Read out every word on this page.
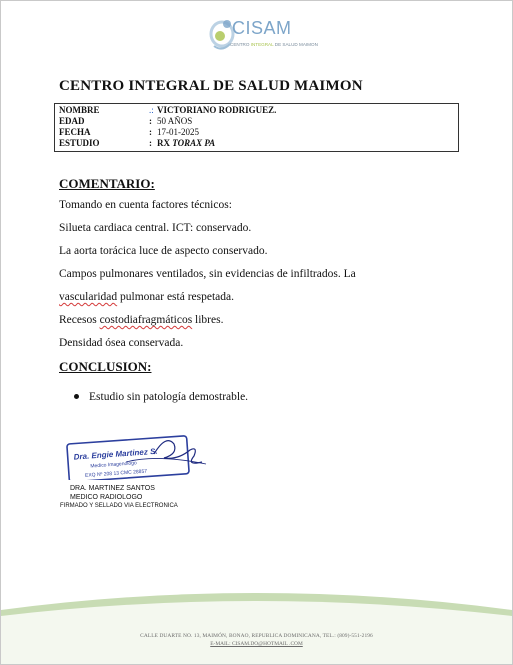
CISAM
CENTRO INTEGRAL DE SALUD MAIMON
CENTRO INTEGRAL DE SALUD MAIMON
NOMBRE	.: VICTORIANO RODRIGUEZ.
EDAD	: 50 AÑOS
FECHA	: 17-01-2025
ESTUDIO	: RX TORAX PA
COMENTARIO:
Tomando en cuenta factores técnicos:
Silueta cardiaca central. ICT: conservado.
La aorta torácica luce de aspecto conservado.
Campos pulmonares ventilados, sin evidencias de infiltrados. La
vascularidad pulmonar está respetada.
Recesos costodiafragmáticos libres.
Densidad ósea conservada.
CONCLUSION:
Estudio sin patología demostrable.
Dra. Engie Martinez S.
Medico Imagenologo
EXQ Nº 208 13 CMC 28857
DRA. MARTINEZ SANTOS
MEDICO RADIOLOGO
FIRMADO Y SELLADO VIA ELECTRONICA
CALLE DUARTE NO. 13, MAIMÓN, BONAO, REPUBLICA DOMINICANA, TEL.: (809)-551-2196
E-MAIL: CISAM.DO@HOTMAIL .COM
